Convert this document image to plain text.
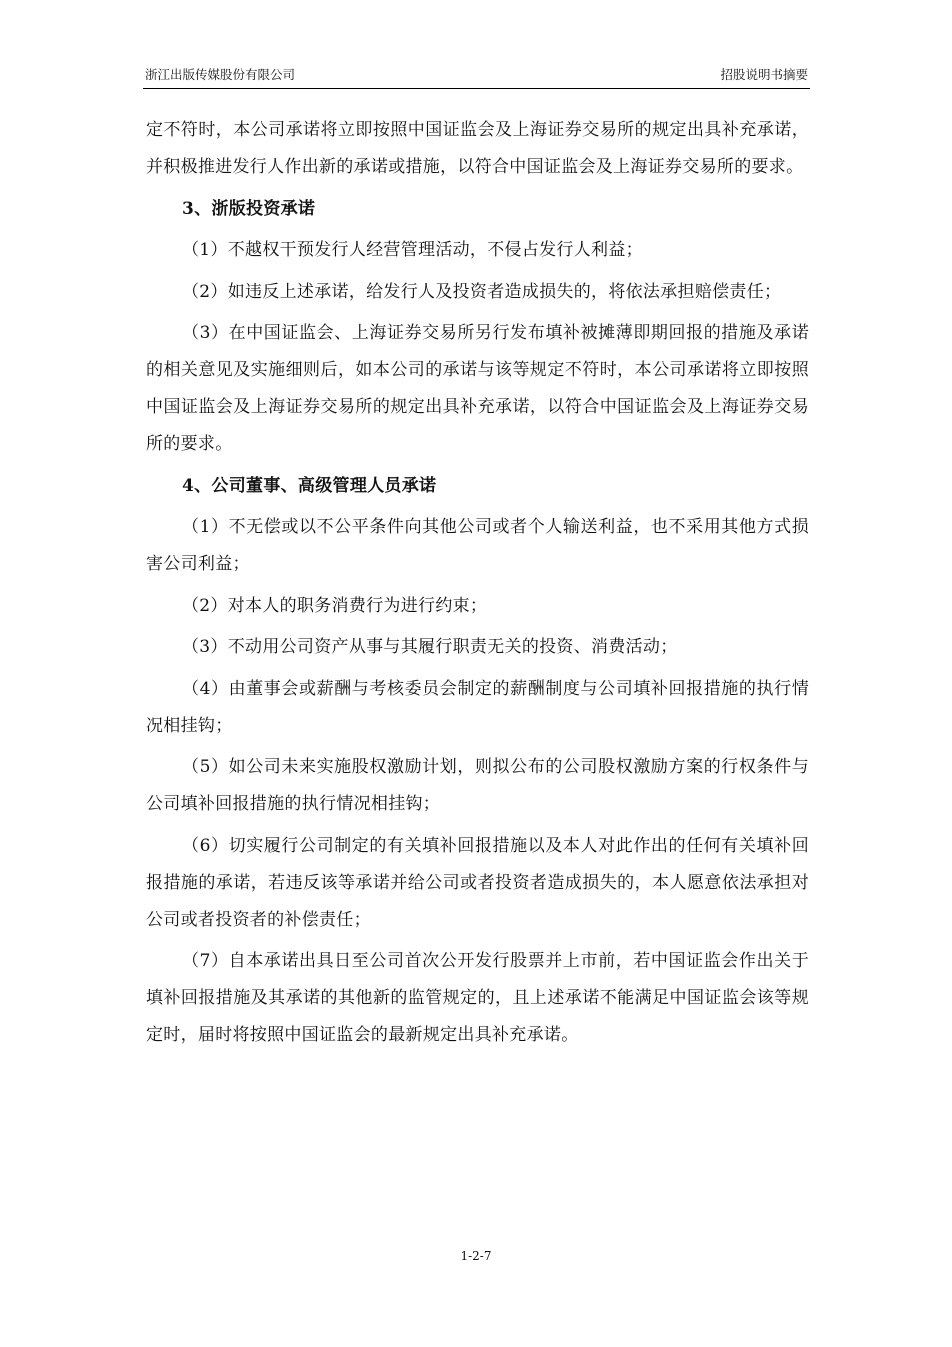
浙江出版传媒股份有限公司	招股说明书摘要

定不符时，本公司承诺将立即按照中国证监会及上海证券交易所的规定出具补充承诺，并积极推进发行人作出新的承诺或措施，以符合中国证监会及上海证券交易所的要求。

3、浙版投资承诺

（1）不越权干预发行人经营管理活动，不侵占发行人利益；

（2）如违反上述承诺，给发行人及投资者造成损失的，将依法承担赔偿责任；

（3）在中国证监会、上海证券交易所另行发布填补被摊薄即期回报的措施及承诺的相关意见及实施细则后，如本公司的承诺与该等规定不符时，本公司承诺将立即按照中国证监会及上海证券交易所的规定出具补充承诺，以符合中国证监会及上海证券交易所的要求。

4、公司董事、高级管理人员承诺

（1）不无偿或以不公平条件向其他公司或者个人输送利益，也不采用其他方式损害公司利益；

（2）对本人的职务消费行为进行约束；

（3）不动用公司资产从事与其履行职责无关的投资、消费活动；

（4）由董事会或薪酬与考核委员会制定的薪酬制度与公司填补回报措施的执行情况相挂钩；

（5）如公司未来实施股权激励计划，则拟公布的公司股权激励方案的行权条件与公司填补回报措施的执行情况相挂钩；

（6）切实履行公司制定的有关填补回报措施以及本人对此作出的任何有关填补回报措施的承诺，若违反该等承诺并给公司或者投资者造成损失的，本人愿意依法承担对公司或者投资者的补偿责任；

（7）自本承诺出具日至公司首次公开发行股票并上市前，若中国证监会作出关于填补回报措施及其承诺的其他新的监管规定的，且上述承诺不能满足中国证监会该等规定时，届时将按照中国证监会的最新规定出具补充承诺。

1-2-7
